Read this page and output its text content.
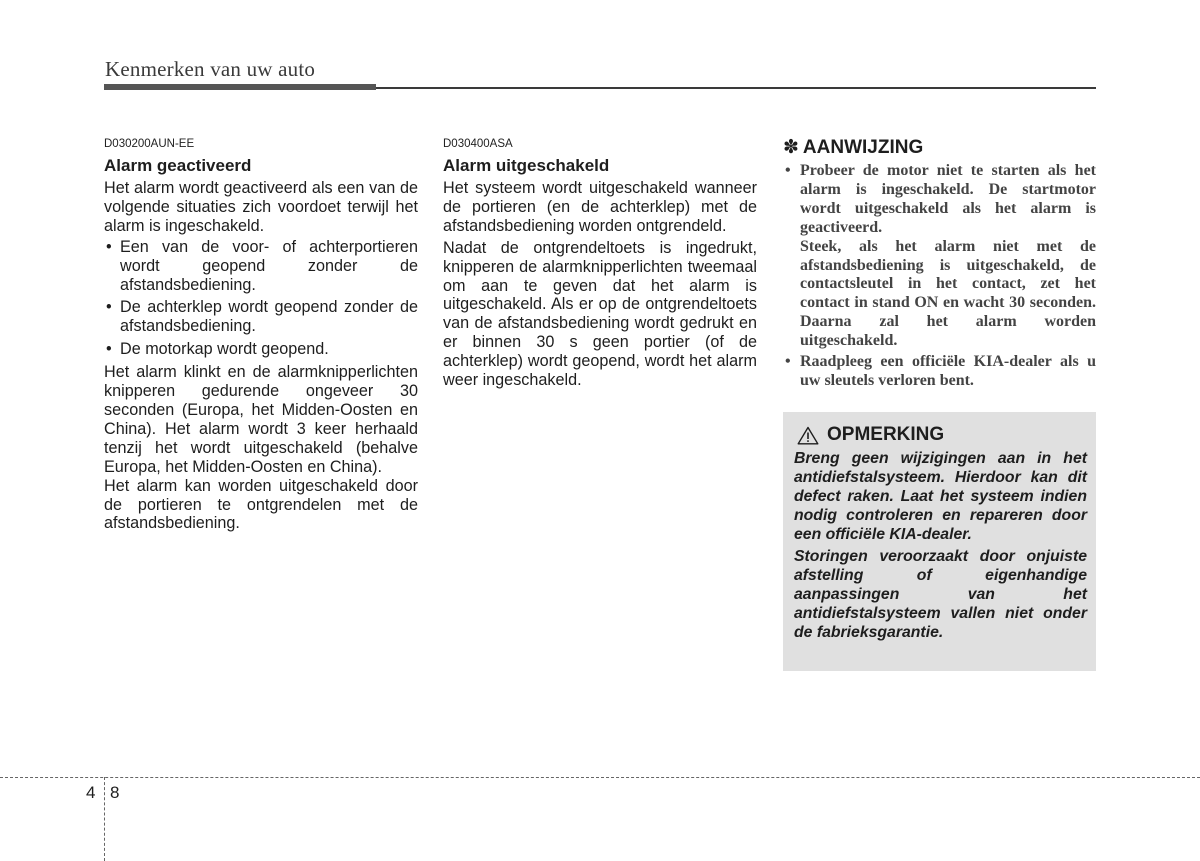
Kenmerken van uw auto
D030200AUN-EE
Alarm geactiveerd

Het alarm wordt geactiveerd als een van de volgende situaties zich voordoet terwijl het alarm is ingeschakeld.

• Een van de voor- of achterportieren wordt geopend zonder de afstandsbediening.
• De achterklep wordt geopend zonder de afstandsbediening.
• De motorkap wordt geopend.

Het alarm klinkt en de alarmknipperlichten knipperen gedurende ongeveer 30 seconden (Europa, het Midden-Oosten en China). Het alarm wordt 3 keer herhaald tenzij het wordt uitgeschakeld (behalve Europa, het Midden-Oosten en China).

Het alarm kan worden uitgeschakeld door de portieren te ontgrendelen met de afstandsbediening.

D030400ASA
Alarm uitgeschakeld

Het systeem wordt uitgeschakeld wanneer de portieren (en de achterklep) met de afstandsbediening worden ontgrendeld.

Nadat de ontgrendeltoets is ingedrukt, knipperen de alarmknipperlichten tweemaal om aan te geven dat het alarm is uitgeschakeld. Als er op de ontgrendeltoets van de afstandsbediening wordt gedrukt en er binnen 30 s geen portier (of de achterklep) wordt geopend, wordt het alarm weer ingeschakeld.

✽ AANWIJZING

• Probeer de motor niet te starten als het alarm is ingeschakeld. De startmotor wordt uitgeschakeld als het alarm is geactiveerd.

Steek, als het alarm niet met de afstandsbediening is uitgeschakeld, de contactsleutel in het contact, zet het contact in stand ON en wacht 30 seconden. Daarna zal het alarm worden uitgeschakeld.

• Raadpleeg een officiële KIA-dealer als u uw sleutels verloren bent.

OPMERKING

Breng geen wijzigingen aan in het antidiefstalsysteem. Hierdoor kan dit defect raken. Laat het systeem indien nodig controleren en repareren door een officiële KIA-dealer.

Storingen veroorzaakt door onjuiste afstelling of eigenhandige aanpassingen van het antidiefstalsysteem vallen niet onder de fabrieksgarantie.

4 8
